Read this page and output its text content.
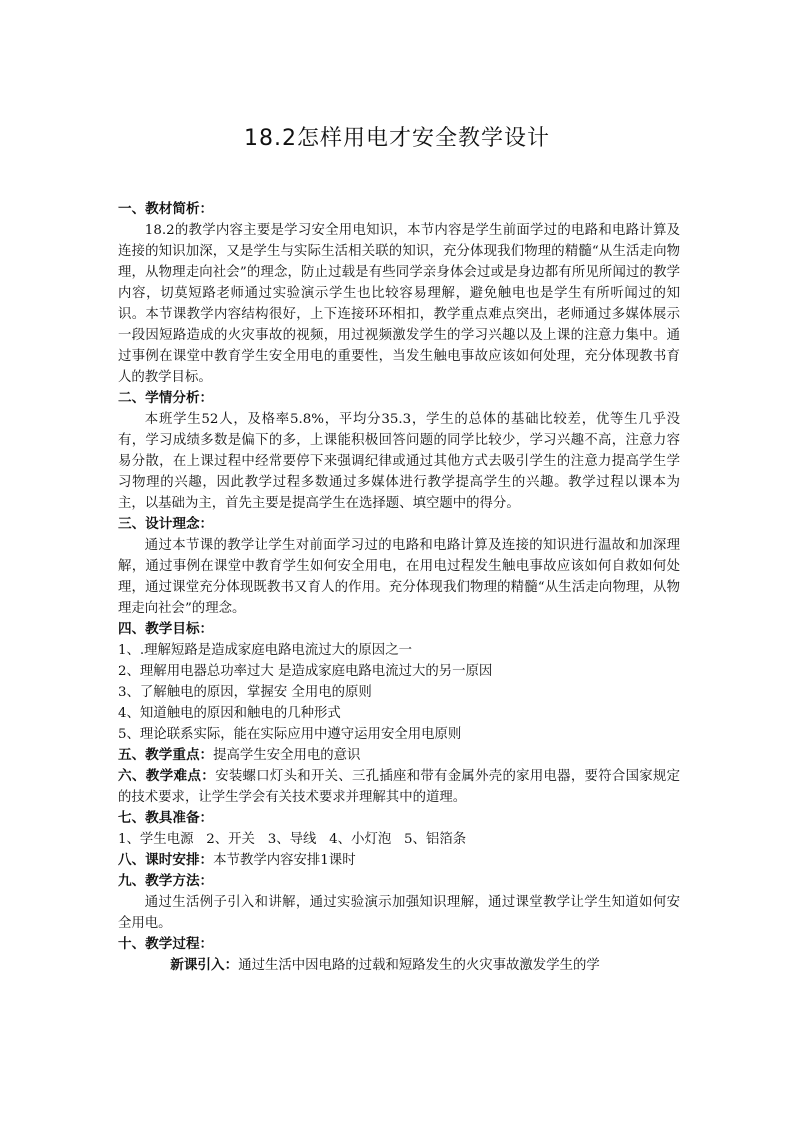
18.2怎样用电才安全教学设计
一、教材简析：
18.2的教学内容主要是学习安全用电知识，本节内容是学生前面学过的电路和电路计算及连接的知识加深，又是学生与实际生活相关联的知识，充分体现我们物理的精髓“从生活走向物理，从物理走向社会”的理念，防止过载是有些同学亲身体会过或是身边都有所见所闻过的教学内容，切莫短路老师通过实验演示学生也比较容易理解，避免触电也是学生有所听闻过的知识。本节课教学内容结构很好，上下连接环环相扣，教学重点难点突出，老师通过多媒体展示一段因短路造成的火灾事故的视频，用过视频激发学生的学习兴趣以及上课的注意力集中。通过事例在课堂中教育学生安全用电的重要性，当发生触电事故应该如何处理，充分体现教书育人的教学目标。
二、学情分析：
本班学生52人，及格率5.8%，平均分35.3，学生的总体的基础比较差，优等生几乎没有，学习成绩多数是偏下的多，上课能积极回答问题的同学比较少，学习兴趣不高，注意力容易分散，在上课过程中经常要停下来强调纪律或通过其他方式去吸引学生的注意力提高学生学习物理的兴趣，因此教学过程多数通过多媒体进行教学提高学生的兴趣。教学过程以课本为主，以基础为主，首先主要是提高学生在选择题、填空题中的得分。
三、设计理念：
通过本节课的教学让学生对前面学习过的电路和电路计算及连接的知识进行温故和加深理解，通过事例在课堂中教育学生如何安全用电，在用电过程发生触电事故应该如何自救如何处理，通过课堂充分体现既教书又育人的作用。充分体现我们物理的精髓“从生活走向物理，从物理走向社会”的理念。
四、教学目标：
1、.理解短路是造成家庭电路电流过大的原因之一
2、理解用电器总功率过大 是造成家庭电路电流过大的另一原因
3、了解触电的原因，掌握安 全用电的原则
4、知道触电的原因和触电的几种形式
5、理论联系实际，能在实际应用中遵守运用安全用电原则
五、教学重点：提高学生安全用电的意识
六、教学难点：安装螺口灯头和开关、三孔插座和带有金属外壳的家用电器，要符合国家规定的技术要求，让学生学会有关技术要求并理解其中的道理。
七、教具准备：
1、学生电源   2、开关   3、导线   4、小灯泡   5、铝箔条
八、课时安排：本节教学内容安排1课时
九、教学方法：
通过生活例子引入和讲解，通过实验演示加强知识理解，通过课堂教学让学生知道如何安全用电。
十、教学过程：
新课引入：通过生活中因电路的过载和短路发生的火灾事故激发学生的学
